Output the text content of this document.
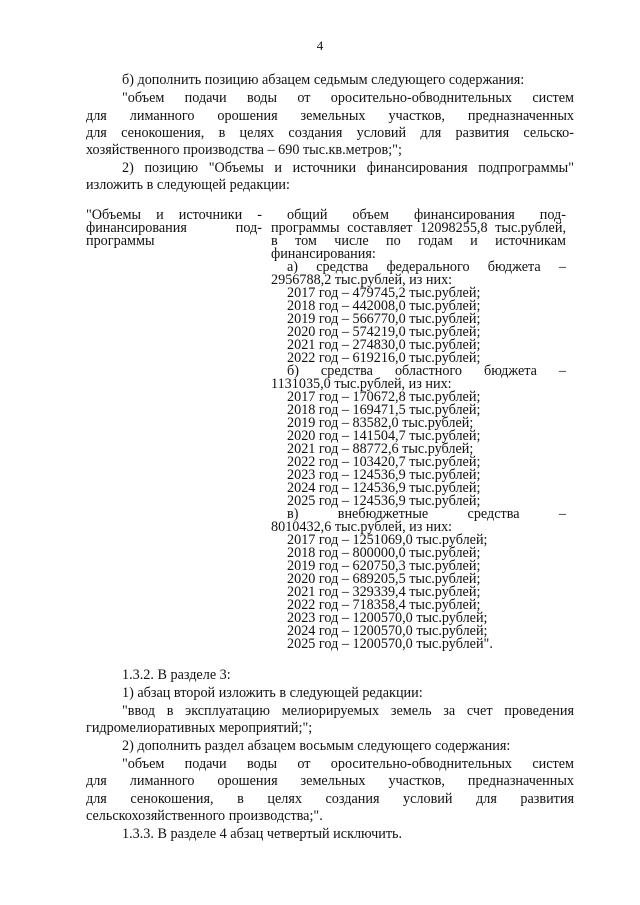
4
б) дополнить позицию абзацем седьмым следующего содержания:
"объем подачи воды от оросительно-обводнительных систем
для лиманного орошения земельных участков, предназначенных
для сенокошения, в целях создания условий для развития сельско-
хозяйственного производства – 690 тыс.кв.метров;";
2) позицию "Объемы и источники финансирования подпрограммы"
изложить в следующей редакции:
"Объемы и источники -
финансирования под-
программы
общий объем финансирования под-
программы составляет 12098255,8 тыс.рублей,
в том числе по годам и источникам
финансирования:
а) средства федерального бюджета –
2956788,2 тыс.рублей, из них:
2017 год – 479745,2 тыс.рублей;
2018 год – 442008,0 тыс.рублей;
2019 год – 566770,0 тыс.рублей;
2020 год – 574219,0 тыс.рублей;
2021 год – 274830,0 тыс.рублей;
2022 год – 619216,0 тыс.рублей;
б) средства областного бюджета –
1131035,0 тыс.рублей, из них:
2017 год – 170672,8 тыс.рублей;
2018 год – 169471,5 тыс.рублей;
2019 год – 83582,0 тыс.рублей;
2020 год – 141504,7 тыс.рублей;
2021 год – 88772,6 тыс.рублей;
2022 год – 103420,7 тыс.рублей;
2023 год – 124536,9 тыс.рублей;
2024 год – 124536,9 тыс.рублей;
2025 год – 124536,9 тыс.рублей;
в) внебюджетные средства –
8010432,6 тыс.рублей, из них:
2017 год – 1251069,0 тыс.рублей;
2018 год – 800000,0 тыс.рублей;
2019 год – 620750,3 тыс.рублей;
2020 год – 689205,5 тыс.рублей;
2021 год – 329339,4 тыс.рублей;
2022 год – 718358,4 тыс.рублей;
2023 год – 1200570,0 тыс.рублей;
2024 год – 1200570,0 тыс.рублей;
2025 год – 1200570,0 тыс.рублей".
1.3.2. В разделе 3:
1) абзац второй изложить в следующей редакции:
"ввод в эксплуатацию мелиорируемых земель за счет проведения
гидромелиоративных мероприятий;";
2) дополнить раздел абзацем восьмым следующего содержания:
"объем подачи воды от оросительно-обводнительных систем
для лиманного орошения земельных участков, предназначенных
для сенокошения, в целях создания условий для развития
сельскохозяйственного производства;".
1.3.3. В разделе 4 абзац четвертый исключить.
